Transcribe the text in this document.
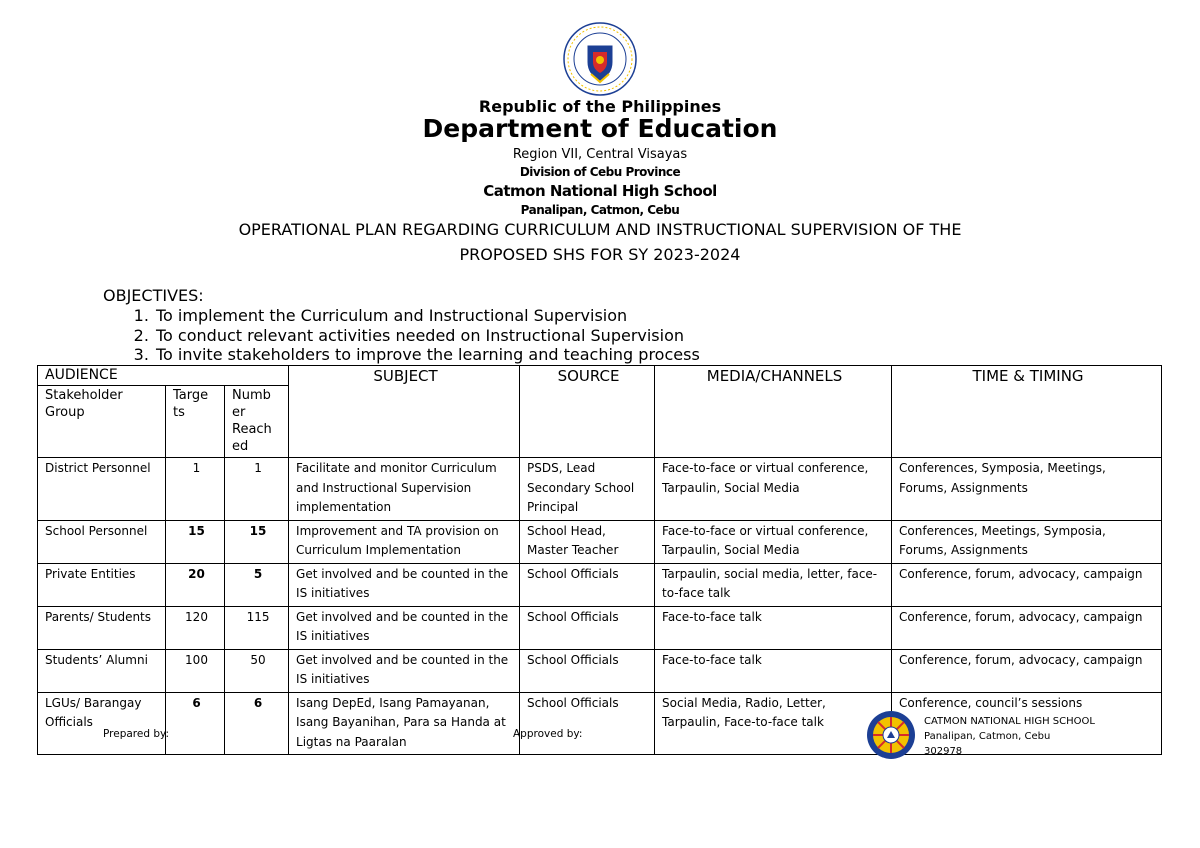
Republic of the Philippines
Department of Education
Region VII, Central Visayas
Division of Cebu Province
Catmon National High School
Panalipan, Catmon, Cebu
OPERATIONAL PLAN REGARDING CURRICULUM AND INSTRUCTIONAL SUPERVISION OF THE
PROPOSED SHS FOR SY 2023-2024
OBJECTIVES:
1. To implement the Curriculum and Instructional Supervision
2. To conduct relevant activities needed on Instructional Supervision
3. To invite stakeholders to improve the learning and teaching process
AUDIENCE			SUBJECT	SOURCE	MEDIA/CHANNELS	TIME & TIMING
Stakeholder Group	Targe ts	Numb er Reach ed				
District Personnel	1	1	Facilitate and monitor Curriculum and Instructional Supervision implementation	PSDS, Lead Secondary School Principal	Face-to-face or virtual conference, Tarpaulin, Social Media	Conferences, Symposia, Meetings, Forums, Assignments
School Personnel	15	15	Improvement and TA provision on Curriculum Implementation	School Head, Master Teacher	Face-to-face or virtual conference, Tarpaulin, Social Media	Conferences, Meetings, Symposia, Forums, Assignments
Private Entities	20	5	Get involved and be counted in the IS initiatives	School Officials	Tarpaulin, social media, letter, face-to-face talk	Conference, forum, advocacy, campaign
Parents/ Students	120	115	Get involved and be counted in the IS initiatives	School Officials	Face-to-face talk	Conference, forum, advocacy, campaign
Students’ Alumni	100	50	Get involved and be counted in the IS initiatives	School Officials	Face-to-face talk	Conference, forum, advocacy, campaign
LGUs/ Barangay Officials	6	6	Isang DepEd, Isang Pamayanan, Isang Bayanihan, Para sa Handa at Ligtas na Paaralan	School Officials	Social Media, Radio, Letter, Tarpaulin, Face-to-face talk	Conference, council’s sessions
Prepared by:	Approved by:
CATMON NATIONAL HIGH SCHOOL
Panalipan, Catmon, Cebu
302978
